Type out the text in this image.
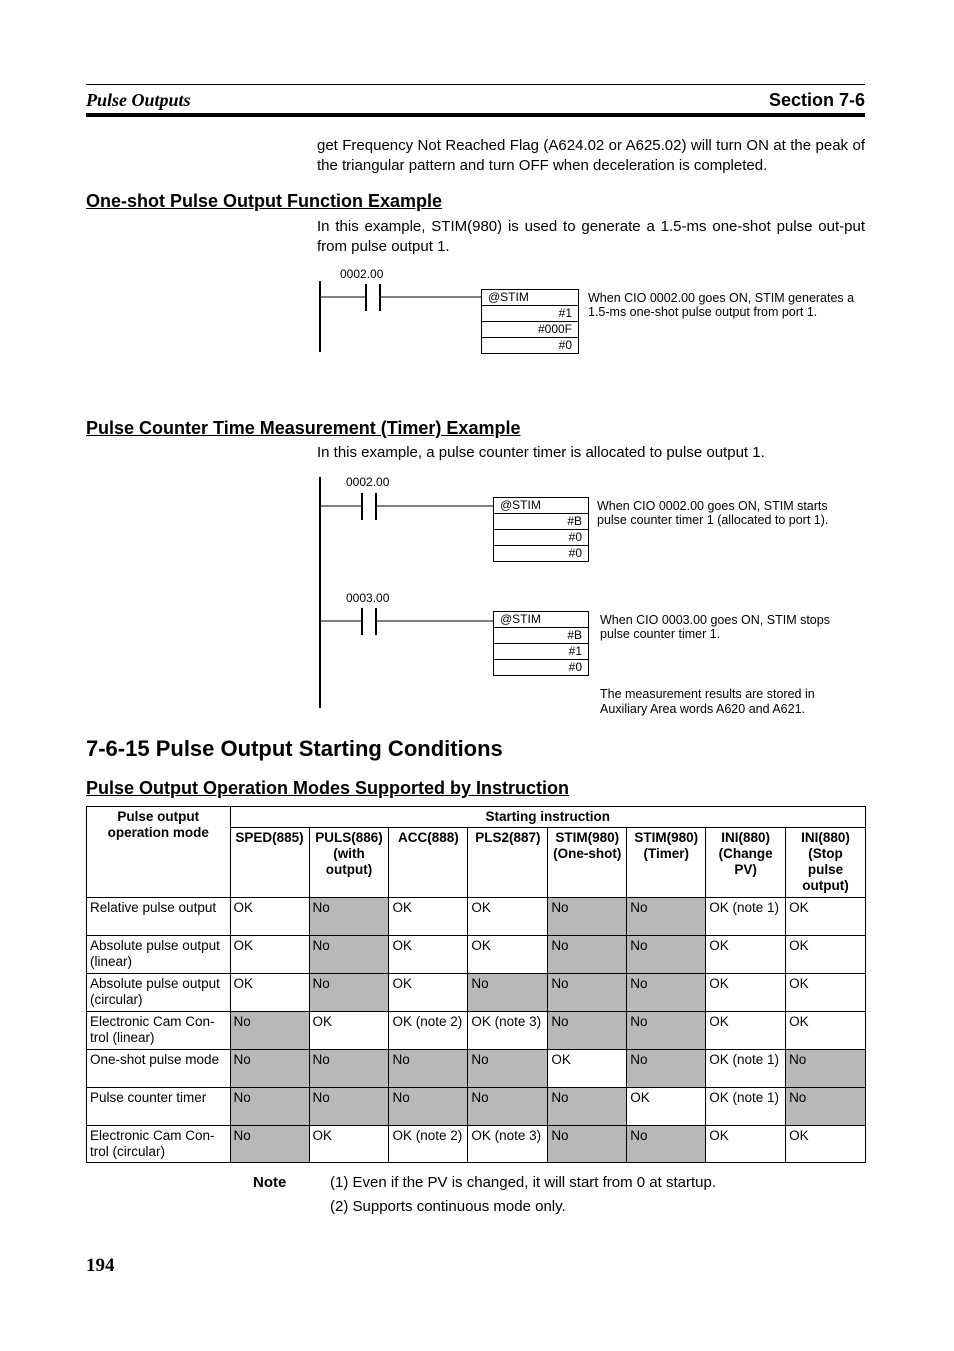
Pulse Outputs	Section 7-6
get Frequency Not Reached Flag (A624.02 or A625.02) will turn ON at the peak of the triangular pattern and turn OFF when deceleration is completed.
One-shot Pulse Output Function Example
In this example, STIM(980) is used to generate a 1.5-ms one-shot pulse out-put from pulse output 1.
0002.00
@STIM
#1
#000F
#0
When CIO 0002.00 goes ON, STIM generates a 1.5-ms one-shot pulse output from port 1.
Pulse Counter Time Measurement (Timer) Example
In this example, a pulse counter timer is allocated to pulse output 1.
0002.00
@STIM
#B
#0
#0
When CIO 0002.00 goes ON, STIM starts pulse counter timer 1 (allocated to port 1).
0003.00
@STIM
#B
#1
#0
When CIO 0003.00 goes ON, STIM stops pulse counter timer 1.
The measurement results are stored in Auxiliary Area words A620 and A621.
7-6-15 Pulse Output Starting Conditions
Pulse Output Operation Modes Supported by Instruction
Pulse output operation mode	Starting instruction							
	SPED(885)	PULS(886) (with output)	ACC(888)	PLS2(887)	STIM(980) (One-shot)	STIM(980) (Timer)	INI(880) (Change PV)	INI(880) (Stop pulse output)
Relative pulse output	OK	No	OK	OK	No	No	OK (note 1)	OK
Absolute pulse output (linear)	OK	No	OK	OK	No	No	OK	OK
Absolute pulse output (circular)	OK	No	OK	No	No	No	OK	OK
Electronic Cam Con-trol (linear)	No	OK	OK (note 2)	OK (note 3)	No	No	OK	OK
One-shot pulse mode	No	No	No	No	OK	No	OK (note 1)	No
Pulse counter timer	No	No	No	No	No	OK	OK (note 1)	No
Electronic Cam Con-trol (circular)	No	OK	OK (note 2)	OK (note 3)	No	No	OK	OK
Note	(1) Even if the PV is changed, it will start from 0 at startup.
(2) Supports continuous mode only.
194
